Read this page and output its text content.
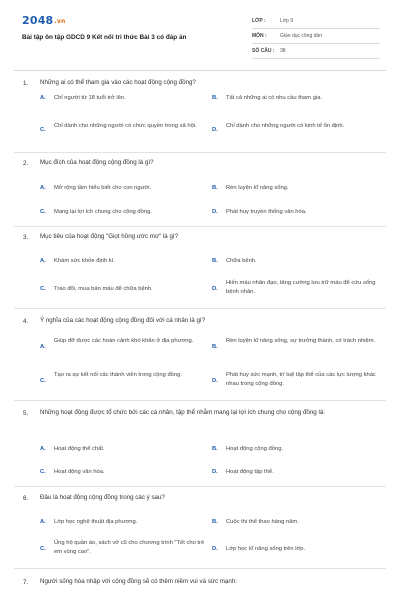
2048.vn
Bài tập ôn tập GDCD 9 Kết nối tri thức Bài 3 có đáp án
LỚP :	Lớp 9
MÔN :	Giáo dục công dân
SỐ CÂU : 38
1. Những ai có thể tham gia vào các hoạt động cộng đồng?
A. Chỉ người từ 18 tuổi trở lên.	B. Tất cả những ai có nhu cầu tham gia.
C.
Chỉ dành cho những người có chức quyền trong xã hội.
D.
Chỉ dành cho những người có kinh tế ổn định.
2. Mục đích của hoạt động cộng đồng là gì?
A. Mở rộng tầm hiểu biết cho con người.	B. Rèn luyện kĩ năng sống.
C. Mang lại lợi ích chung cho cộng đồng.	D. Phát huy truyền thống văn hóa.
3. Mục tiêu của hoạt động "Giọt hồng ước mơ" là gì?
A. Khám sức khỏe định kì.	B. Chữa bệnh.
C. Trao đổi, mua bán máu để chữa bệnh.	D.
Hiến máu nhân đạo, tăng cường lưu trữ máu để cứu sống bệnh nhân.
4. Ý nghĩa của các hoạt động cộng đồng đối với cá nhân là gì?
A.
Giúp đỡ được các hoàn cảnh khó khăn ở địa phương.
B.
Rèn luyện kĩ năng sống, sự trưởng thành, có trách nhiệm.
C.
Tạo ra sự kết nối các thành viên trong cộng đồng.
D.
Phát huy sức mạnh, trí tuệ tập thể của các lực lượng khác nhau trong cộng đồng.
5. Những hoạt động được tổ chức bởi các cá nhân, tập thể nhằm mang lại lợi ích chung cho cộng đồng là:
A. Hoạt động thể chất.	B. Hoạt động cộng đồng.
C. Hoạt động văn hóa.	D. Hoạt động tập thể.
6. Đâu là hoạt động cộng đồng trong các ý sau?
A. Lớp học nghệ thuật địa phương.	B. Cuộc thi thể thao hàng năm.
C.
Ủng hộ quần áo, sách vở cũ cho chương trình "Tết cho trẻ em vùng cao".	D. Lớp học kĩ năng sống trên lớp.
7. Người sống hòa nhập với cộng đồng sẽ có thêm niềm vui và sức mạnh:
